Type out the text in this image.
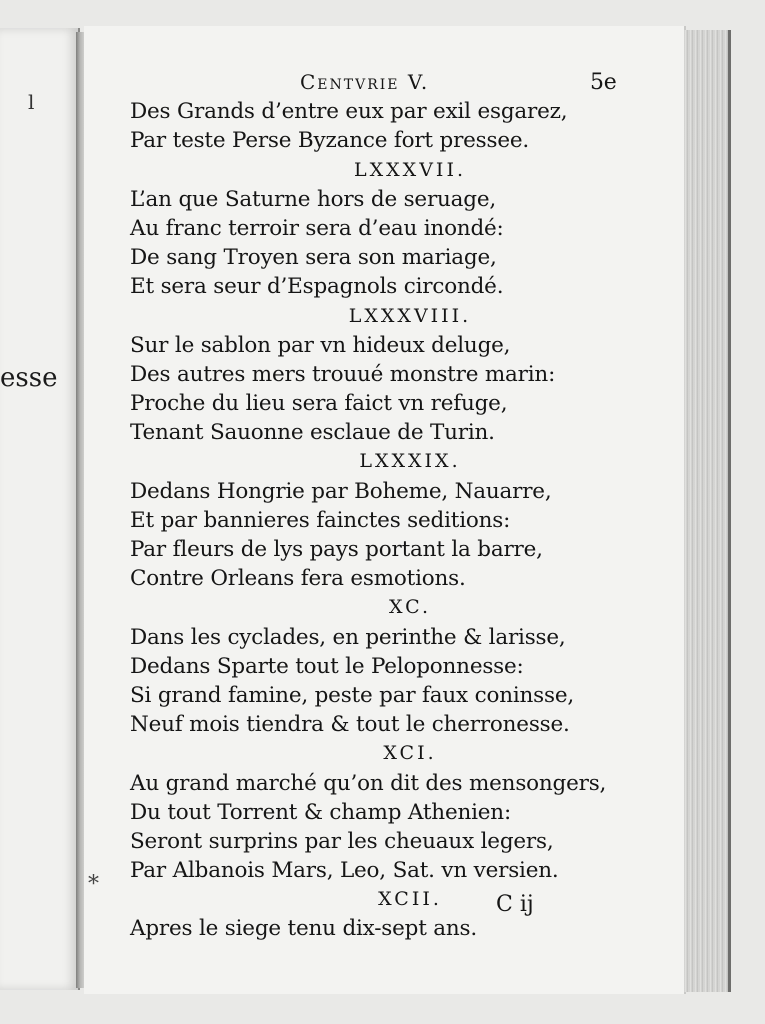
l
esse
Centvrie V.	5e
Des Grands d’entre eux par exil esgarez,
Par teste Perse Byzance fort pressee.
LXXXVII.
L’an que Saturne hors de seruage,
Au franc terroir sera d’eau inondé:
De sang Troyen sera son mariage,
Et sera seur d’Espagnols circondé.
LXXXVIII.
Sur le sablon par vn hideux deluge,
Des autres mers trouué monstre marin:
Proche du lieu sera faict vn refuge,
Tenant Sauonne esclaue de Turin.
LXXXIX.
Dedans Hongrie par Boheme, Nauarre,
Et par bannieres fainctes seditions:
Par fleurs de lys pays portant la barre,
Contre Orleans fera esmotions.
XC.
Dans les cyclades, en perinthe & larisse,
Dedans Sparte tout le Peloponnesse:
Si grand famine, peste par faux coninsse,
Neuf mois tiendra & tout le cherronesse.
XCI.
Au grand marché qu’on dit des mensongers,
Du tout Torrent & champ Athenien:
Seront surprins par les cheuaux legers,
Par Albanois Mars, Leo, Sat. vn versien.
XCII.
Apres le siege tenu dix-sept ans.
*
C ij
